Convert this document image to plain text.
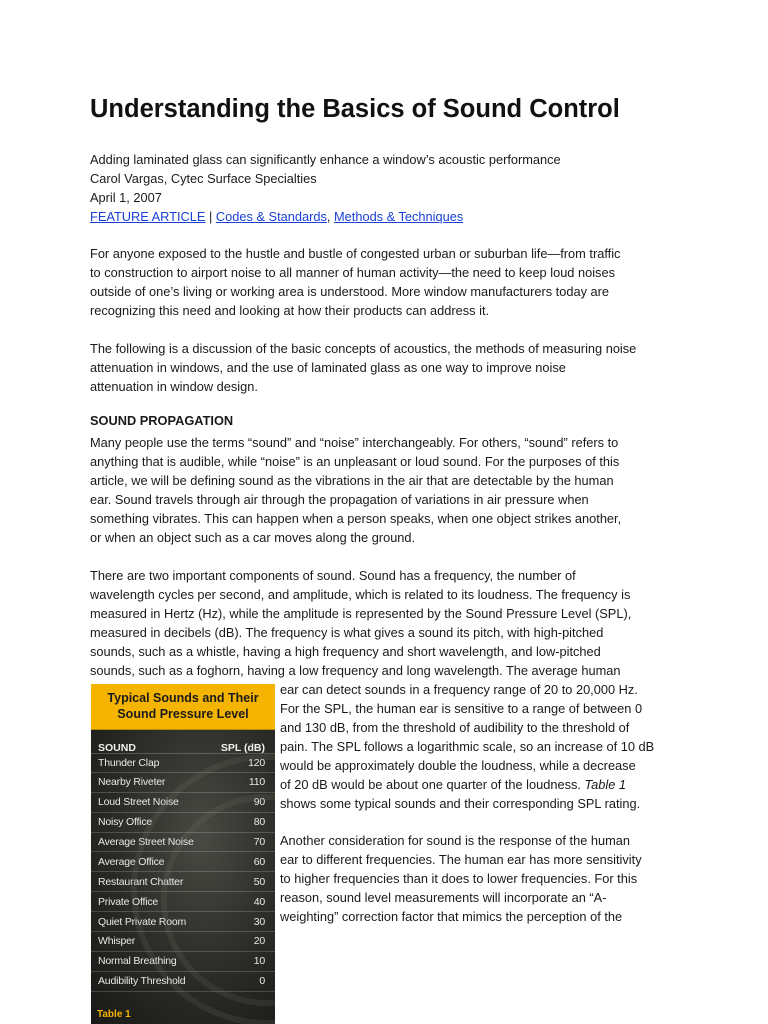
Understanding the Basics of Sound Control
Adding laminated glass can significantly enhance a window’s acoustic performance
Carol Vargas, Cytec Surface Specialties
April 1, 2007
FEATURE ARTICLE | Codes & Standards, Methods & Techniques

For anyone exposed to the hustle and bustle of congested urban or suburban life—from traffic
to construction to airport noise to all manner of human activity—the need to keep loud noises
outside of one’s living or working area is understood. More window manufacturers today are
recognizing this need and looking at how their products can address it.

The following is a discussion of the basic concepts of acoustics, the methods of measuring noise
attenuation in windows, and the use of laminated glass as one way to improve noise
attenuation in window design.

SOUND PROPAGATION

Many people use the terms “sound” and “noise” interchangeably. For others, “sound” refers to
anything that is audible, while “noise” is an unpleasant or loud sound. For the purposes of this
article, we will be defining sound as the vibrations in the air that are detectable by the human
ear. Sound travels through air through the propagation of variations in air pressure when
something vibrates. This can happen when a person speaks, when one object strikes another,
or when an object such as a car moves along the ground.

There are two important components of sound. Sound has a frequency, the number of
wavelength cycles per second, and amplitude, which is related to its loudness. The frequency is
measured in Hertz (Hz), while the amplitude is represented by the Sound Pressure Level (SPL),
measured in decibels (dB). The frequency is what gives a sound its pitch, with high-pitched
sounds, such as a whistle, having a high frequency and short wavelength, and low-pitched
sounds, such as a foghorn, having a low frequency and long wavelength. The average human

ear can detect sounds in a frequency range of 20 to 20,000 Hz.
For the SPL, the human ear is sensitive to a range of between 0
and 130 dB, from the threshold of audibility to the threshold of
pain. The SPL follows a logarithmic scale, so an increase of 10 dB
would be approximately double the loudness, while a decrease
of 20 dB would be about one quarter of the loudness. Table 1
shows some typical sounds and their corresponding SPL rating.
Another consideration for sound is the response of the human
ear to different frequencies. The human ear has more sensitivity
to higher frequencies than it does to lower frequencies. For this
reason, sound level measurements will incorporate an “A-
weighting” correction factor that mimics the perception of the
Typical Sounds and Their
Sound Pressure Level
SOUND	SPL (dB)
Thunder Clap	120
Nearby Riveter	110
Loud Street Noise	90
Noisy Office	80
Average Street Noise	70
Average Office	60
Restaurant Chatter	50
Private Office	40
Quiet Private Room	30
Whisper	20
Normal Breathing	10
Audibility Threshold	0
Table 1
